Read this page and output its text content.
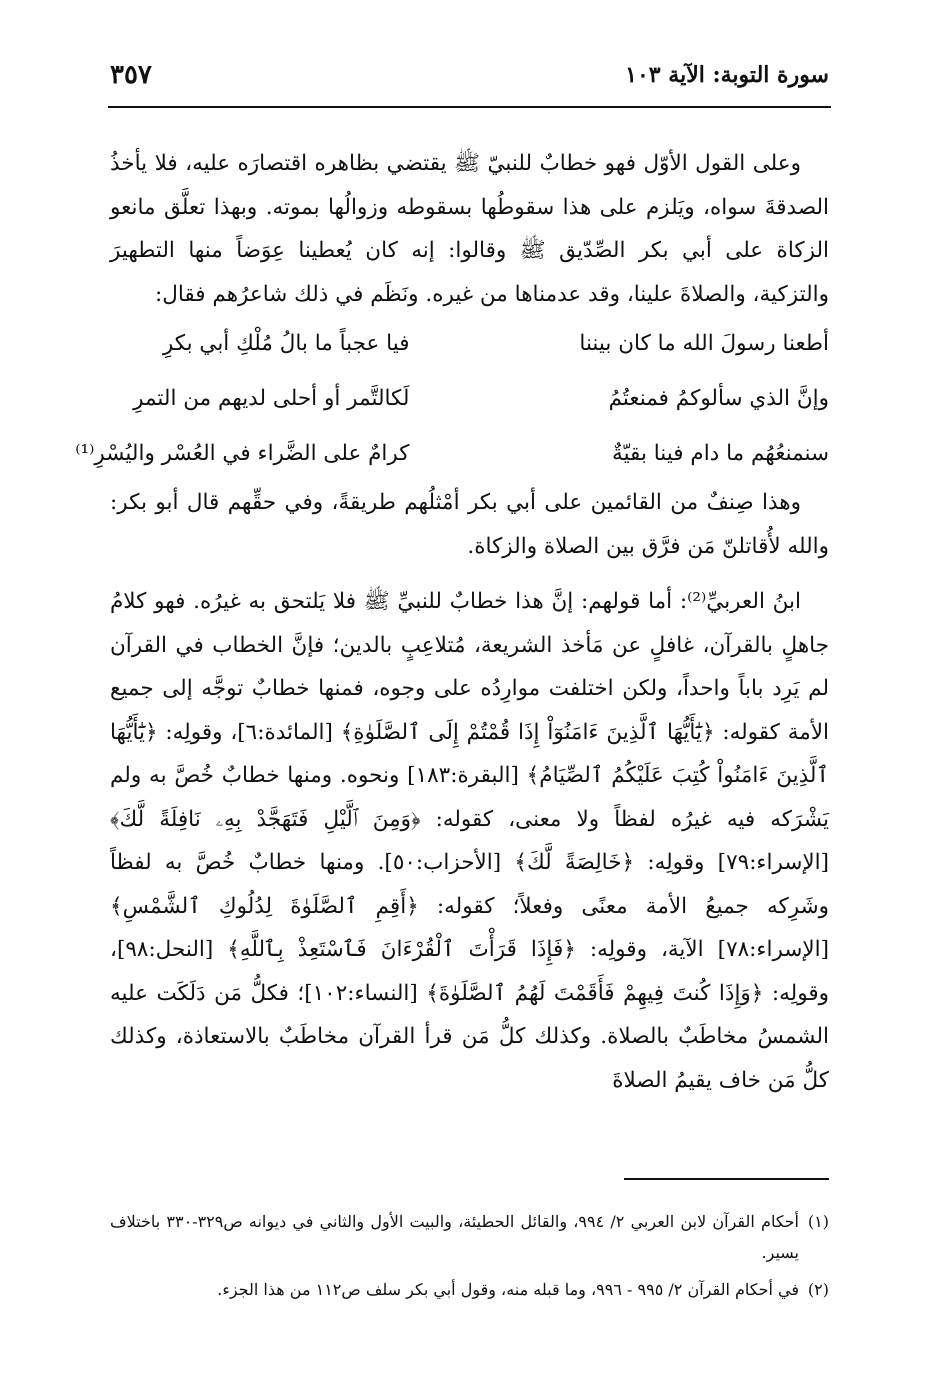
سورة التوبة: الآية ١٠٣
٣٥٧

وعلى القول الأوّل فهو خطابٌ للنبيّ ﷺ يقتضي بظاهره اقتصارَه عليه، فلا يأخذُ الصدقةَ سواه، ويَلزم على هذا سقوطُها بسقوطه وزوالُها بموته. وبهذا تعلَّق مانعو الزكاة على أبي بكر الصِّدّيق ﷺ وقالوا: إنه كان يُعطينا عِوَضاً منها التطهيرَ والتزكية، والصلاةَ علينا، وقد عدمناها من غيره. ونَظَم في ذلك شاعرُهم فقال:

أطعنا رسولَ الله ما كان بيننا
فيا عجباً ما بالُ مُلْكِ أبي بكرِ
وإنَّ الذي سألوكمُ فمنعتُمُ
لَكالتَّمر أو أحلى لديهم من التمرِ
سنمنعُهُم ما دام فينا بقيّةٌ
كرامٌ على الضَّراء في العُسْر واليُسْرِ⁽¹⁾

وهذا صِنفٌ من القائمين على أبي بكر أمْثلُهم طريقةً، وفي حقِّهم قال أبو بكر: والله لأُقاتلنّ مَن فرَّق بين الصلاة والزكاة.

ابنُ العربيِّ⁽²⁾: أما قولهم: إنَّ هذا خطابٌ للنبيِّ ﷺ فلا يَلتحق به غيرُه. فهو كلامُ جاهلٍ بالقرآن، غافلٍ عن مَأخذ الشريعة، مُتلاعِبٍ بالدين؛ فإنَّ الخطاب في القرآن لم يَرِد باباً واحداً، ولكن اختلفت موارِدُه على وجوه، فمنها خطابٌ توجَّه إلى جميع الأمة كقوله: ﴿يَٰٓأَيُّهَا ٱلَّذِينَ ءَامَنُوٓاْ إِذَا قُمْتُمْ إِلَى ٱلصَّلَوٰةِ﴾ [المائدة:٦]، وقولِه: ﴿يَٰٓأَيُّهَا ٱلَّذِينَ ءَامَنُواْ كُتِبَ عَلَيْكُمُ ٱلصِّيَامُ﴾ [البقرة:١٨٣] ونحوه. ومنها خطابٌ خُصَّ به ولم يَشْرَكه فيه غيرُه لفظاً ولا معنى، كقوله: ﴿وَمِنَ ٱلَّيْلِ فَتَهَجَّدْ بِهِۦ نَافِلَةً لَّكَ﴾ [الإسراء:٧٩] وقولِه: ﴿خَالِصَةً لَّكَ﴾ [الأحزاب:٥٠]. ومنها خطابٌ خُصَّ به لفظاً وشَرِكه جميعُ الأمة معنًى وفعلاً؛ كقوله: ﴿أَقِمِ ٱلصَّلَوٰةَ لِدُلُوكِ ٱلشَّمْسِ﴾ [الإسراء:٧٨] الآية، وقولِه: ﴿فَإِذَا قَرَأْتَ ٱلْقُرْءَانَ فَٱسْتَعِذْ بِٱللَّهِ﴾ [النحل:٩٨]، وقولِه: ﴿وَإِذَا كُنتَ فِيهِمْ فَأَقَمْتَ لَهُمُ ٱلصَّلَوٰةَ﴾ [النساء:١٠٢]؛ فكلُّ مَن دَلَكَت عليه الشمسُ مخاطَبٌ بالصلاة. وكذلك كلُّ مَن قرأ القرآن مخاطَبٌ بالاستعاذة، وكذلك كلُّ مَن خاف يقيمُ الصلاةَ

(١)
أحكام القرآن لابن العربي ٢/ ٩٩٤، والقائل الحطيئة، والبيت الأول والثاني في ديوانه ص٣٢٩-٣٣٠ باختلاف يسير.

(٢)
في أحكام القرآن ٢/ ٩٩٥ - ٩٩٦، وما قبله منه، وقول أبي بكر سلف ص١١٢ من هذا الجزء.
